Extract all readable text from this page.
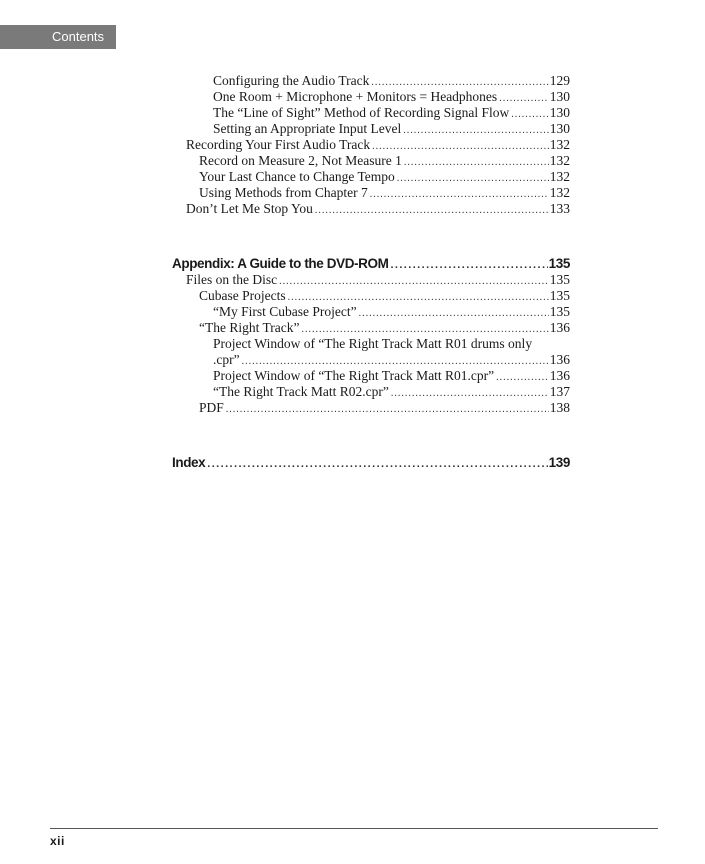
Contents
Configuring the Audio Track .....	129
One Room + Microphone + Monitors = Headphones .....	130
The “Line of Sight” Method of Recording Signal Flow .....	130
Setting an Appropriate Input Level .....	130
Recording Your First Audio Track .....	132
Record on Measure 2, Not Measure 1 .....	132
Your Last Chance to Change Tempo .....	132
Using Methods from Chapter 7 .....	132
Don’t Let Me Stop You .....	133
Appendix: A Guide to the DVD-ROM .....	135
Files on the Disc .....	135
Cubase Projects .....	135
“My First Cubase Project” .....	135
“The Right Track” .....	136
Project Window of “The Right Track Matt R01 drums only
.cpr” .....	136
Project Window of “The Right Track Matt R01.cpr” .....	136
“The Right Track Matt R02.cpr” .....	137
PDF .....	138
Index .....	139
xii
